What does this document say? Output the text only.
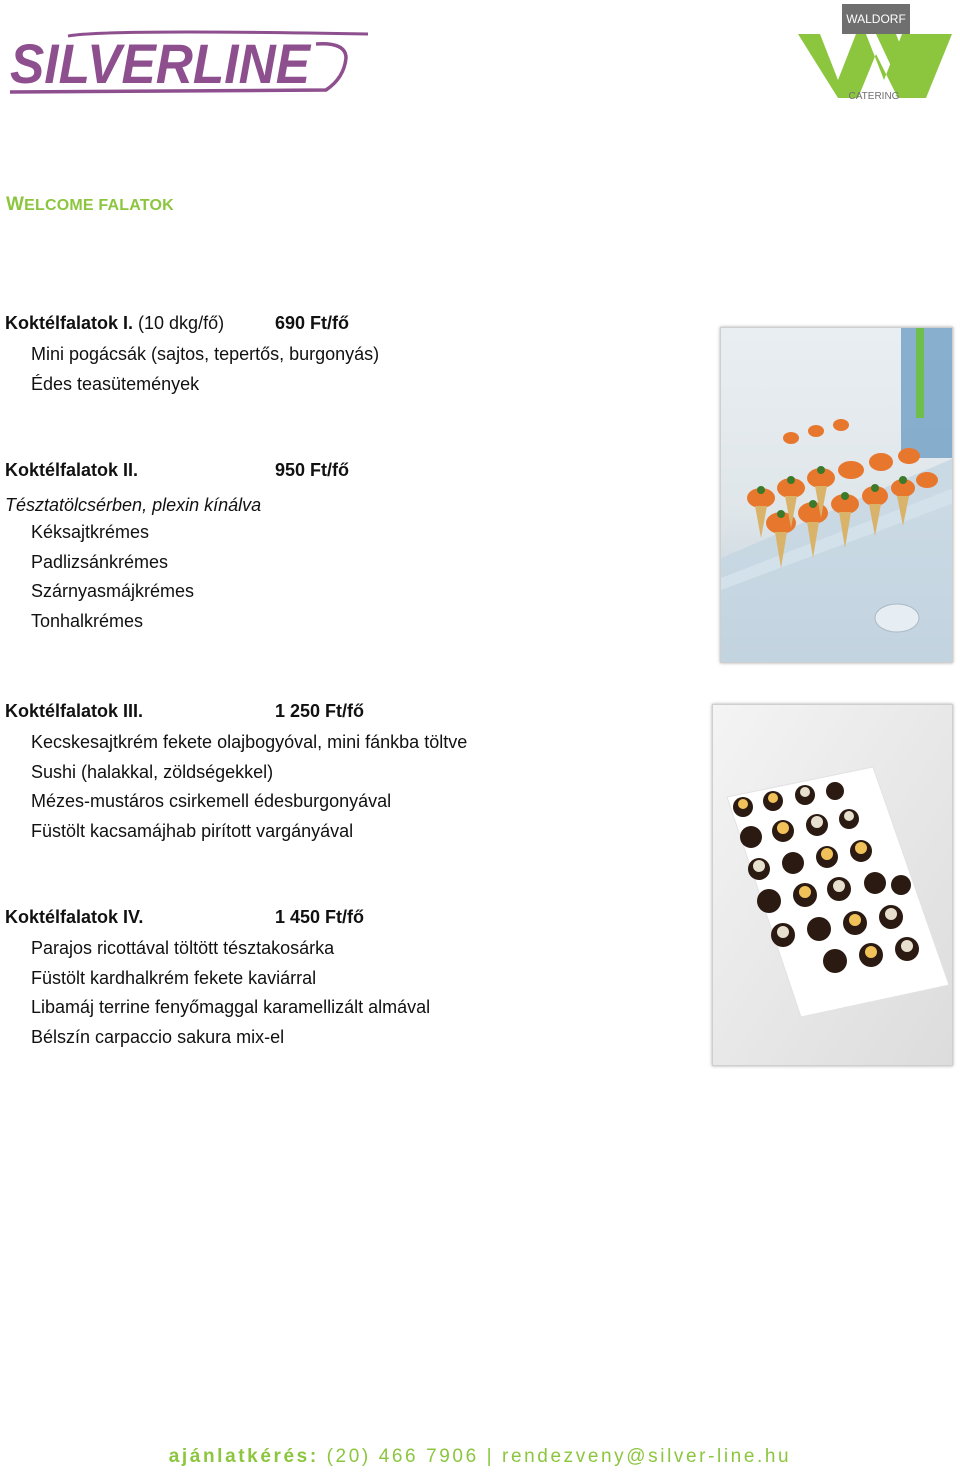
SILVERLINE
WALDORF
CATERING
WELCOME FALATOK
Koktélfalatok I. (10 dkg/fő)	690 Ft/fő
Mini pogácsák (sajtos, tepertős, burgonyás)
Édes teasütemények
Koktélfalatok II.	950 Ft/fő
Tésztatölcsérben, plexin kínálva
Kéksajtkrémes
Padlizsánkrémes
Szárnyasmájkrémes
Tonhalkrémes
Koktélfalatok III.	1 250 Ft/fő
Kecskesajtkrém fekete olajbogyóval, mini fánkba töltve
Sushi (halakkal, zöldségekkel)
Mézes-mustáros csirkemell édesburgonyával
Füstölt kacsamájhab pirított vargányával
Koktélfalatok IV.	1 450 Ft/fő
Parajos ricottával töltött tésztakosárka
Füstölt kardhalkrém fekete kaviárral
Libamáj terrine fenyőmaggal karamellizált almával
Bélszín carpaccio sakura mix-el
ajánlatkérés: (20) 466 7906 | rendezveny@silver-line.hu
